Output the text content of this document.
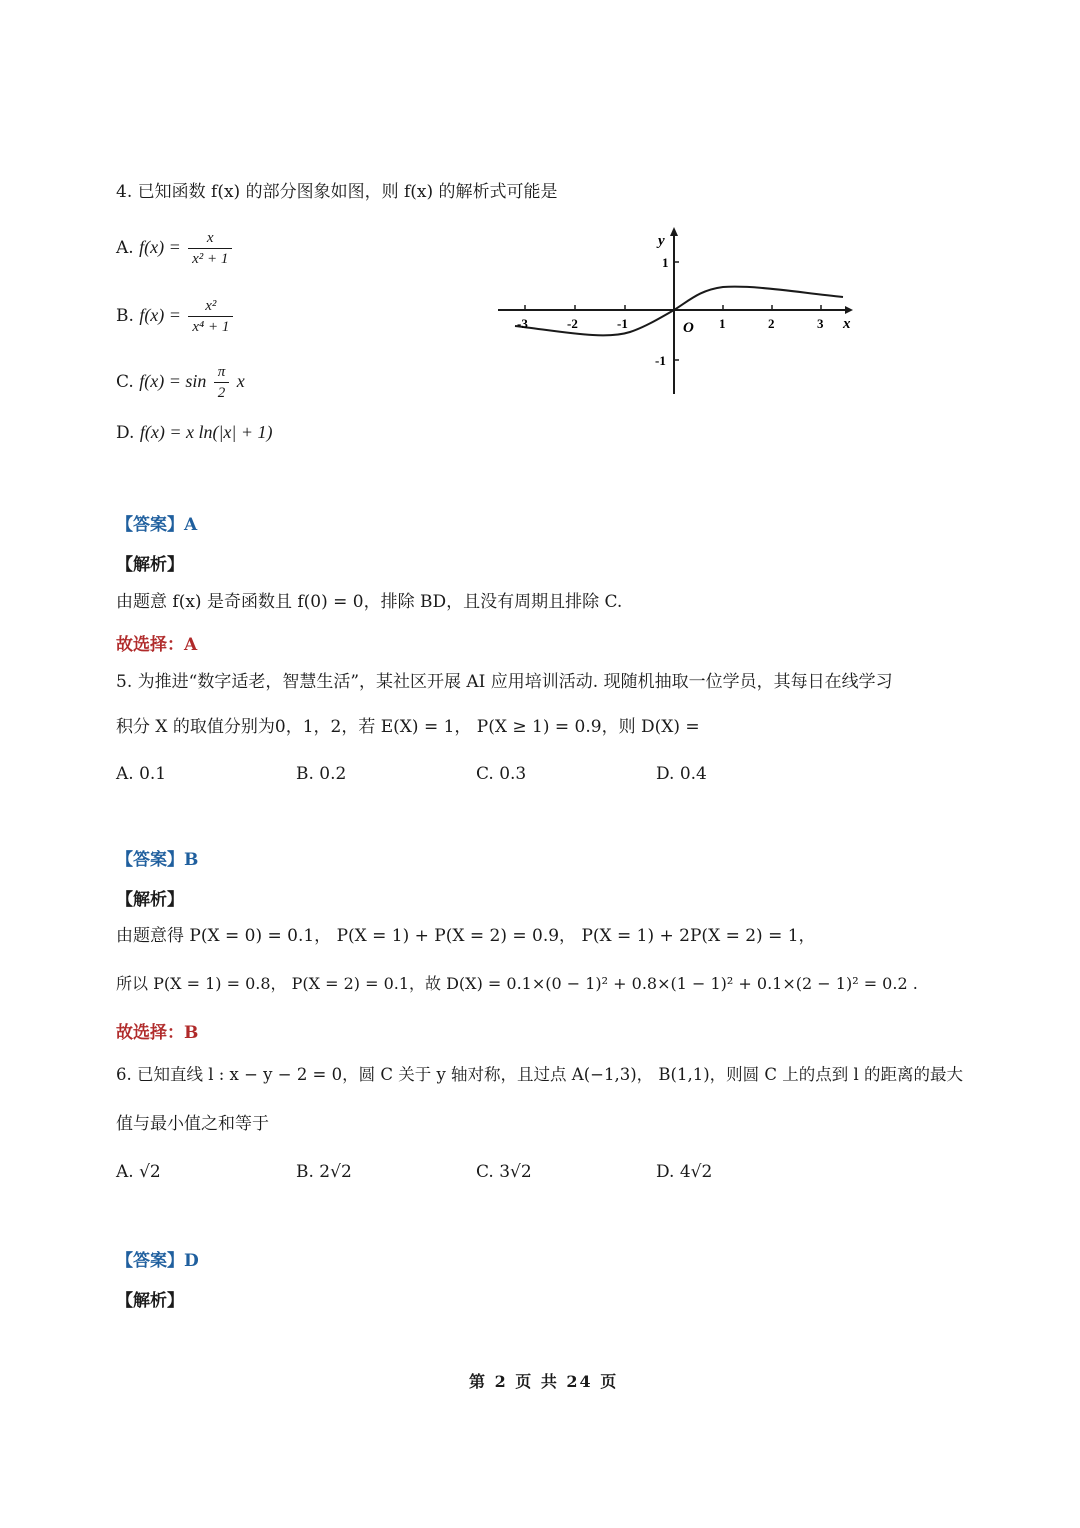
4. 已知函数 f(x) 的部分图象如图，则 f(x) 的解析式可能是
A. $f(x) = \frac{x}{\text{x² + 1}}$
B. $f(x) = \frac{\text{x²}}{\text{x⁴ + 1}}$
C. $f(x) = \sin \frac{\pi}{2}$ x
D. f(x) = x ln(|x| + 1)
y
x
O
-3	-2	-1	1	2	3
1
-1
【答案】A
【解析】
由题意 f(x) 是奇函数且 f(0) = 0，排除 BD，且没有周期且排除 C.
故选择：A
5. 为推进“数字适老，智慧生活”，某社区开展 AI 应用培训活动. 现随机抽取一位学员，其每日在线学习
积分 X 的取值分别为0，1，2，若 E(X) = 1， P(X ≥ 1) = 0.9，则 D(X) =
A. 0.1	B. 0.2	C. 0.3	D. 0.4
【答案】B
【解析】
由题意得 P(X = 0) = 0.1， P(X = 1) + P(X = 2) = 0.9， P(X = 1) + 2P(X = 2) = 1，
所以 P(X = 1) = 0.8， P(X = 2) = 0.1，故 D(X) = 0.1×(0 − 1)² + 0.8×(1 − 1)² + 0.1×(2 − 1)² = 0.2 .
故选择：B
6. 已知直线 l : x − y − 2 = 0，圆 C 关于 y 轴对称，且过点 A(−1,3)， B(1,1)，则圆 C 上的点到 l 的距离的最大
值与最小值之和等于
A. √2	B. 2√2	C. 3√2	D. 4√2
【答案】D
【解析】
第 2 页 共 24 页
